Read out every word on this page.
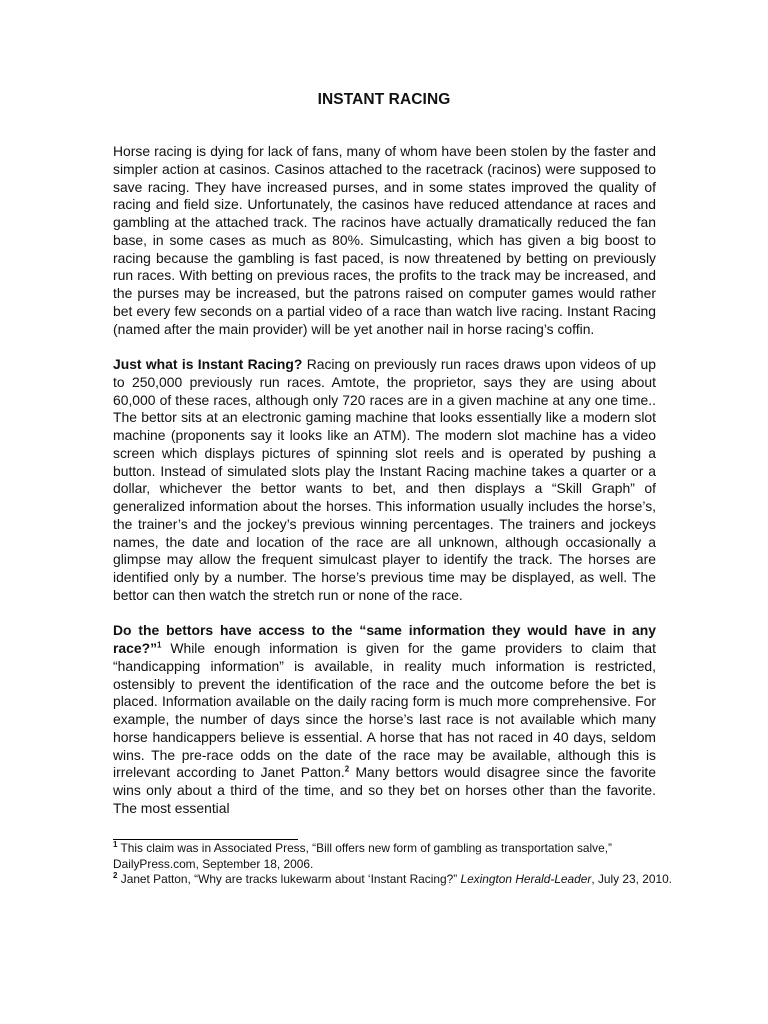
INSTANT RACING

Horse racing is dying for lack of fans, many of whom have been stolen by the faster and simpler action at casinos. Casinos attached to the racetrack (racinos) were supposed to save racing. They have increased purses, and in some states improved the quality of racing and field size. Unfortunately, the casinos have reduced attendance at races and gambling at the attached track. The racinos have actually dramatically reduced the fan base, in some cases as much as 80%. Simulcasting, which has given a big boost to racing because the gambling is fast paced, is now threatened by betting on previously run races. With betting on previous races, the profits to the track may be increased, and the purses may be increased, but the patrons raised on computer games would rather bet every few seconds on a partial video of a race than watch live racing. Instant Racing (named after the main provider) will be yet another nail in horse racing’s coffin.

Just what is Instant Racing? Racing on previously run races draws upon videos of up to 250,000 previously run races. Amtote, the proprietor, says they are using about 60,000 of these races, although only 720 races are in a given machine at any one time.. The bettor sits at an electronic gaming machine that looks essentially like a modern slot machine (proponents say it looks like an ATM). The modern slot machine has a video screen which displays pictures of spinning slot reels and is operated by pushing a button. Instead of simulated slots play the Instant Racing machine takes a quarter or a dollar, whichever the bettor wants to bet, and then displays a “Skill Graph” of generalized information about the horses. This information usually includes the horse’s, the trainer’s and the jockey’s previous winning percentages. The trainers and jockeys names, the date and location of the race are all unknown, although occasionally a glimpse may allow the frequent simulcast player to identify the track. The horses are identified only by a number. The horse’s previous time may be displayed, as well. The bettor can then watch the stretch run or none of the race.

Do the bettors have access to the “same information they would have in any race?”$^1$ While enough information is given for the game providers to claim that “handicapping information” is available, in reality much information is restricted, ostensibly to prevent the identification of the race and the outcome before the bet is placed. Information available on the daily racing form is much more comprehensive. For example, the number of days since the horse’s last race is not available which many horse handicappers believe is essential. A horse that has not raced in 40 days, seldom wins. The pre-race odds on the date of the race may be available, although this is irrelevant according to Janet Patton.$^2$ Many bettors would disagree since the favorite wins only about a third of the time, and so they bet on horses other than the favorite. The most essential

$^1$ This claim was in Associated Press, “Bill offers new form of gambling as transportation salve,” DailyPress.com, September 18, 2006.

$^2$ Janet Patton, “Why are tracks lukewarm about ‘Instant Racing?” Lexington Herald-Leader, July 23, 2010.
